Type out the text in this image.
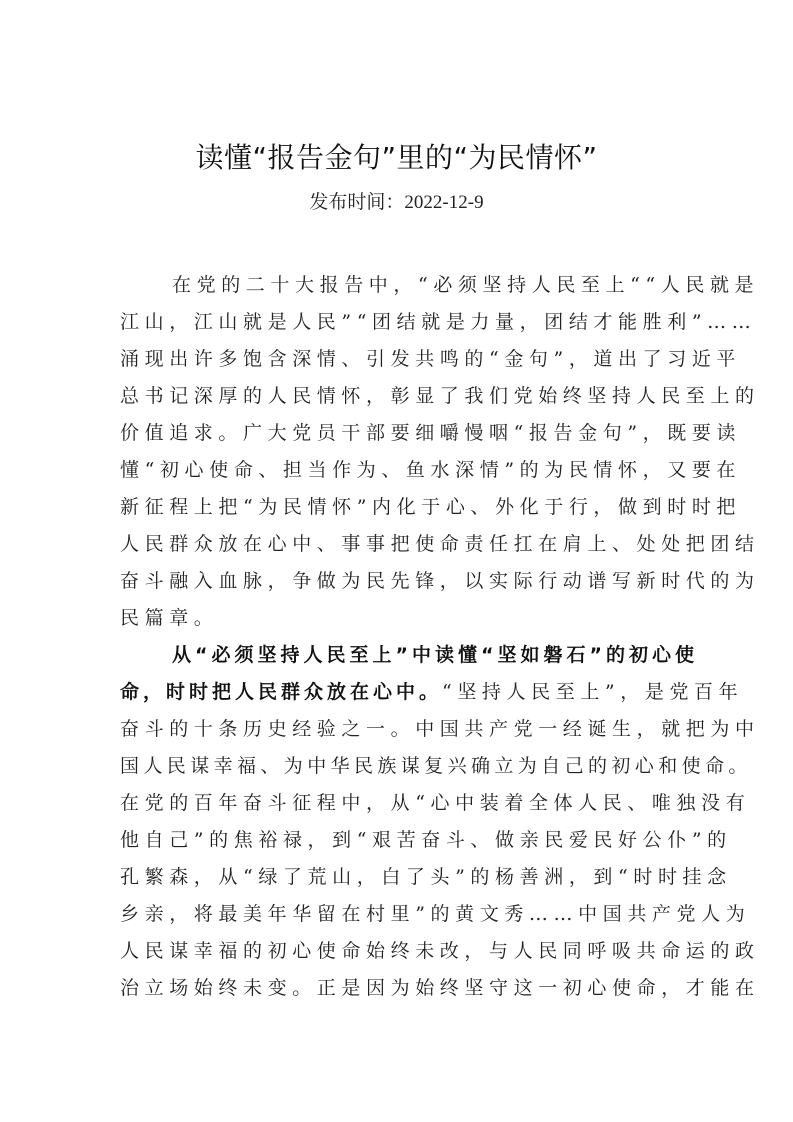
读懂“报告金句”里的“为民情怀”
发布时间：2022-12-9
在党的二十大报告中，“必须坚持人民至上““人民就是
江山，江山就是人民”“团结就是力量，团结才能胜利”……
涌现出许多饱含深情、引发共鸣的“金句”，道出了习近平
总书记深厚的人民情怀，彰显了我们党始终坚持人民至上的
价值追求。广大党员干部要细嚼慢咽“报告金句”，既要读
懂“初心使命、担当作为、鱼水深情”的为民情怀，又要在
新征程上把“为民情怀”内化于心、外化于行，做到时时把
人民群众放在心中、事事把使命责任扛在肩上、处处把团结
奋斗融入血脉，争做为民先锋，以实际行动谱写新时代的为
民篇章。
从“必须坚持人民至上”中读懂“坚如磐石”的初心使
命，时时把人民群众放在心中。“坚持人民至上”，是党百年
奋斗的十条历史经验之一。中国共产党一经诞生，就把为中
国人民谋幸福、为中华民族谋复兴确立为自己的初心和使命。
在党的百年奋斗征程中，从“心中装着全体人民、唯独没有
他自己”的焦裕禄，到“艰苦奋斗、做亲民爱民好公仆”的
孔繁森，从“绿了荒山，白了头”的杨善洲，到“时时挂念
乡亲，将最美年华留在村里”的黄文秀……中国共产党人为
人民谋幸福的初心使命始终未改，与人民同呼吸共命运的政
治立场始终未变。正是因为始终坚守这一初心使命，才能在
